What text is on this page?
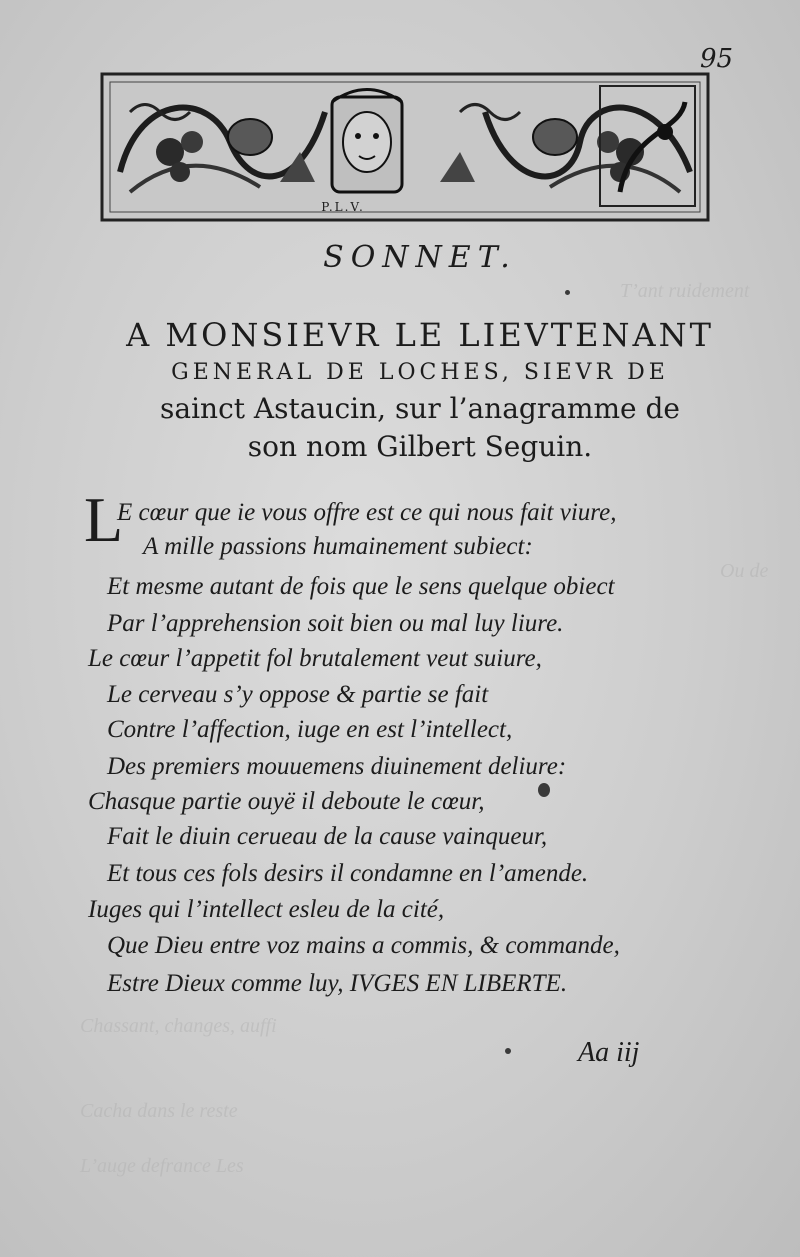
T’ant ruidement
Ou de
Chassant, changes, auffi
Cacha dans le reste
L’auge defrance Les
95
P.L.V.
SONNET.
A MONSIEVR LE LIEVTENANT
GENERAL DE LOCHES, SIEVR DE
sainct Astaucin, sur l’anagramme de
son nom Gilbert Seguin.
L
E cœur que ie vous offre est ce qui nous fait viure,
A mille passions humainement subiect:
Et mesme autant de fois que le sens quelque obiect
Par l’apprehension soit bien ou mal luy liure.
Le cœur l’appetit fol brutalement veut suiure,
Le cerveau s’y oppose & partie se fait
Contre l’affection, iuge en est l’intellect,
Des premiers mouuemens diuinement deliure:
Chasque partie ouyë il deboute le cœur,
Fait le diuin cerueau de la cause vainqueur,
Et tous ces fols desirs il condamne en l’amende.
Iuges qui l’intellect esleu de la cité,
Que Dieu entre voz mains a commis, & commande,
Estre Dieux comme luy, IVGES EN LIBERTE.
Aa iij
